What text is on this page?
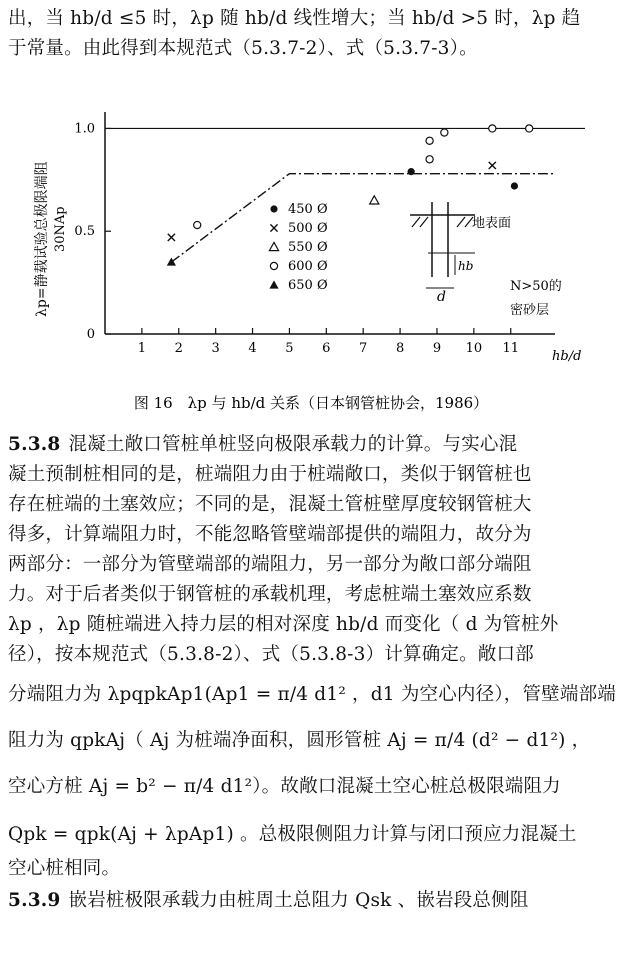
出，当 hb/d ≤5 时，λp 随 hb/d 线性增大；当 hb/d >5 时，λp 趋
于常量。由此得到本规范式（5.3.7-2）、式（5.3.7-3）。
1 2 3 4 5 6 7 8 9 10 11
0
0.5
1.0
λp=静载试验总极限端阻 30NAp
hb/d
450 Ø
500 Ø
550 Ø
600 Ø
650 Ø
地表面
d
hb
N>50的
密砂层
图 16　λp 与 hb/d 关系（日本钢管桩协会，1986）
5.3.8 混凝土敞口管桩单桩竖向极限承载力的计算。与实心混
凝土预制桩相同的是，桩端阻力由于桩端敞口，类似于钢管桩也
存在桩端的土塞效应；不同的是，混凝土管桩壁厚度较钢管桩大
得多，计算端阻力时，不能忽略管壁端部提供的端阻力，故分为
两部分：一部分为管壁端部的端阻力，另一部分为敞口部分端阻
力。对于后者类似于钢管桩的承载机理，考虑桩端土塞效应系数
λp ，λp 随桩端进入持力层的相对深度 hb/d 而变化（ d 为管桩外
径），按本规范式（5.3.8-2）、式（5.3.8-3）计算确定。敞口部
分端阻力为 λpqpkAp1(Ap1 = π/4 d1² ，d1 为空心内径），管壁端部端
阻力为 qpkAj（ Aj 为桩端净面积，圆形管桩 Aj = π/4 (d² − d1²) ，
空心方桩 Aj = b² − π/4 d1²）。故敞口混凝土空心桩总极限端阻力
Qpk = qpk(Aj + λpAp1) 。总极限侧阻力计算与闭口预应力混凝土
空心桩相同。
5.3.9 嵌岩桩极限承载力由桩周土总阻力 Qsk 、嵌岩段总侧阻
